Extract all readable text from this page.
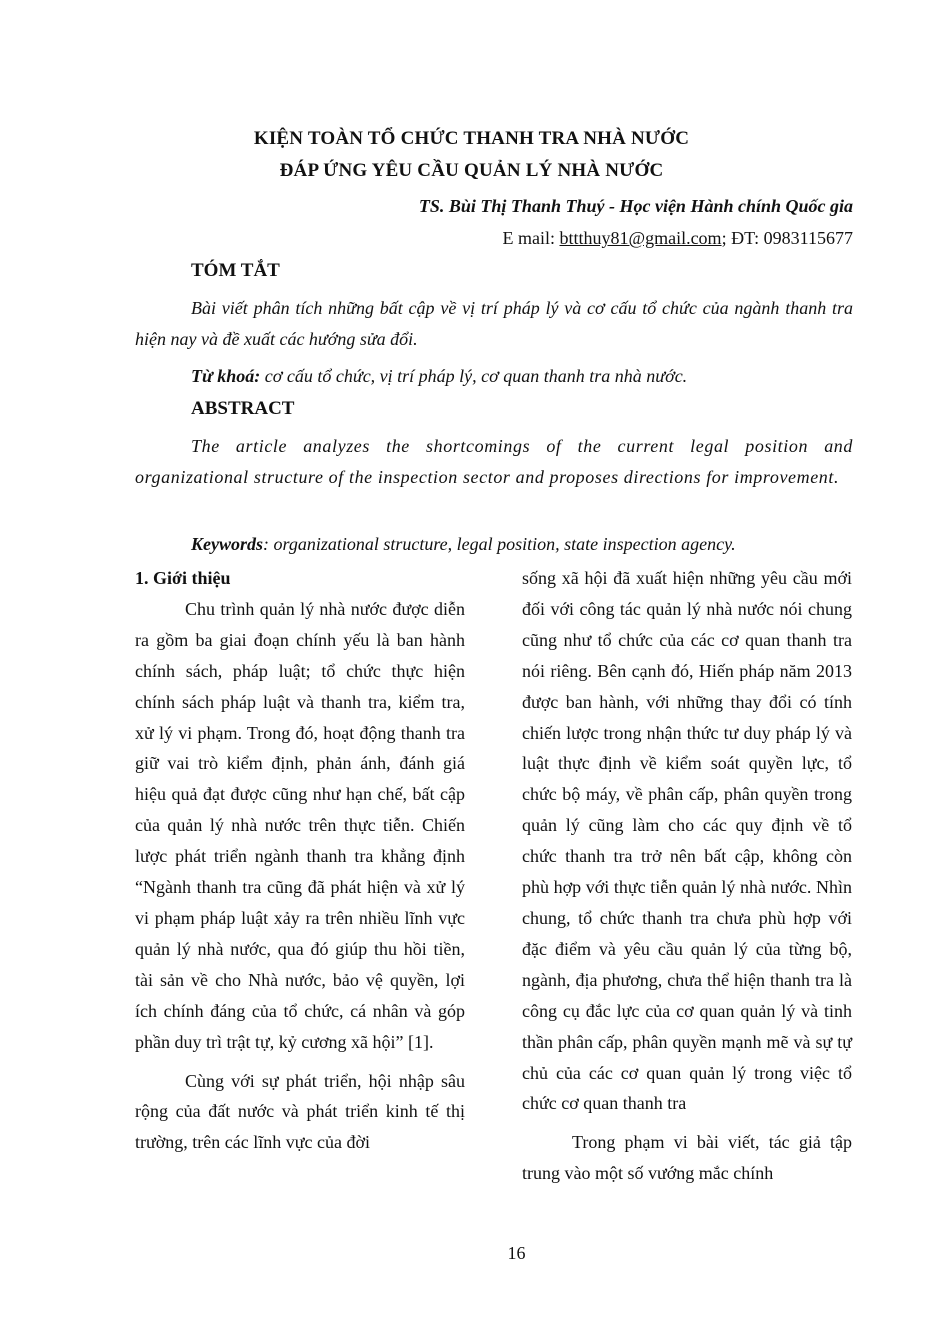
KIỆN TOÀN TỔ CHỨC THANH TRA NHÀ NƯỚC
ĐÁP ỨNG YÊU CẦU QUẢN LÝ NHÀ NƯỚC
TS. Bùi Thị Thanh Thuý - Học viện Hành chính Quốc gia
E mail: bttthuy81@gmail.com; ĐT: 0983115677
TÓM TẮT
Bài viết phân tích những bất cập về vị trí pháp lý và cơ cấu tổ chức của ngành thanh tra hiện nay và đề xuất các hướng sửa đổi.
Từ khoá: cơ cấu tổ chức, vị trí pháp lý, cơ quan thanh tra nhà nước.
ABSTRACT
The article analyzes the shortcomings of the current legal position and organizational structure of the inspection sector and proposes directions for improvement.
Keywords: organizational structure, legal position, state inspection agency.
1. Giới thiệu
Chu trình quản lý nhà nước được diễn ra gồm ba giai đoạn chính yếu là ban hành chính sách, pháp luật; tổ chức thực hiện chính sách pháp luật và thanh tra, kiểm tra, xử lý vi phạm. Trong đó, hoạt động thanh tra giữ vai trò kiểm định, phản ánh, đánh giá hiệu quả đạt được cũng như hạn chế, bất cập của quản lý nhà nước trên thực tiễn. Chiến lược phát triển ngành thanh tra khẳng định “Ngành thanh tra cũng đã phát hiện và xử lý vi phạm pháp luật xảy ra trên nhiều lĩnh vực quản lý nhà nước, qua đó giúp thu hồi tiền, tài sản về cho Nhà nước, bảo vệ quyền, lợi ích chính đáng của tổ chức, cá nhân và góp phần duy trì trật tự, kỷ cương xã hội” [1].
Cùng với sự phát triển, hội nhập sâu rộng của đất nước và phát triển kinh tế thị trường, trên các lĩnh vực của đời
sống xã hội đã xuất hiện những yêu cầu mới đối với công tác quản lý nhà nước nói chung cũng như tổ chức của các cơ quan thanh tra nói riêng. Bên cạnh đó, Hiến pháp năm 2013 được ban hành, với những thay đổi có tính chiến lược trong nhận thức tư duy pháp lý và luật thực định về kiểm soát quyền lực, tổ chức bộ máy, về phân cấp, phân quyền trong quản lý cũng làm cho các quy định về tổ chức thanh tra trở nên bất cập, không còn phù hợp với thực tiễn quản lý nhà nước. Nhìn chung, tổ chức thanh tra chưa phù hợp với đặc điểm và yêu cầu quản lý của từng bộ, ngành, địa phương, chưa thể hiện thanh tra là công cụ đắc lực của cơ quan quản lý và tinh thần phân cấp, phân quyền mạnh mẽ và sự tự chủ của các cơ quan quản lý trong việc tổ chức cơ quan thanh tra
Trong phạm vi bài viết, tác giả tập trung vào một số vướng mắc chính
16
